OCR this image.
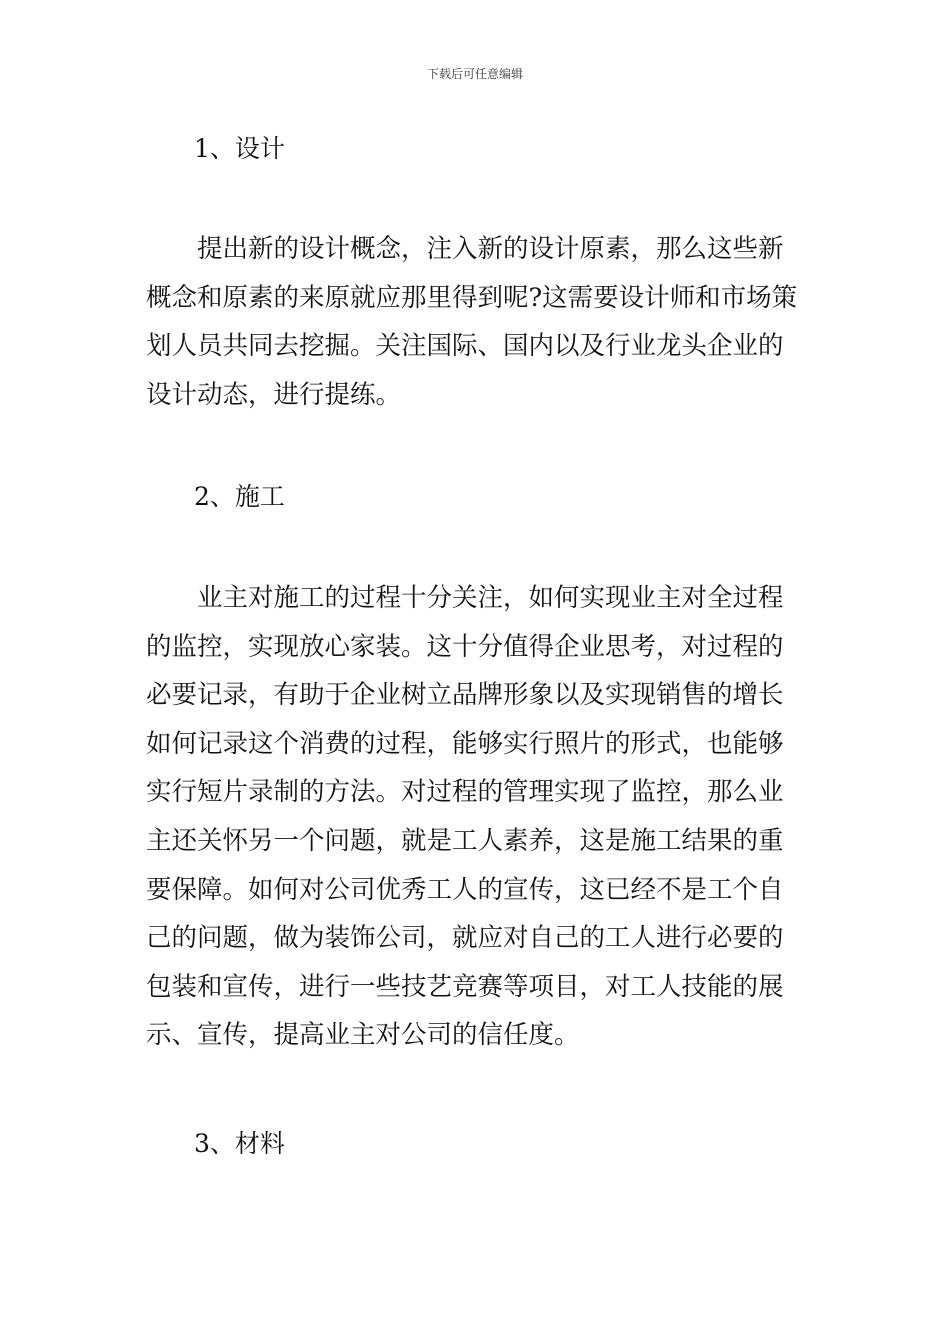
下载后可任意编辑
1、设计

　　提出新的设计概念，注入新的设计原素，那么这些新
概念和原素的来原就应那里得到呢?这需要设计师和市场策
划人员共同去挖掘。关注国际、国内以及行业龙头企业的
设计动态，进行提练。

2、施工

　　业主对施工的过程十分关注，如何实现业主对全过程
的监控，实现放心家装。这十分值得企业思考，对过程的
必要记录，有助于企业树立品牌形象以及实现销售的增长
如何记录这个消费的过程，能够实行照片的形式，也能够
实行短片录制的方法。对过程的管理实现了监控，那么业
主还关怀另一个问题，就是工人素养，这是施工结果的重
要保障。如何对公司优秀工人的宣传，这已经不是工个自
己的问题，做为装饰公司，就应对自己的工人进行必要的
包装和宣传，进行一些技艺竞赛等项目，对工人技能的展
示、宣传，提高业主对公司的信任度。

3、材料
